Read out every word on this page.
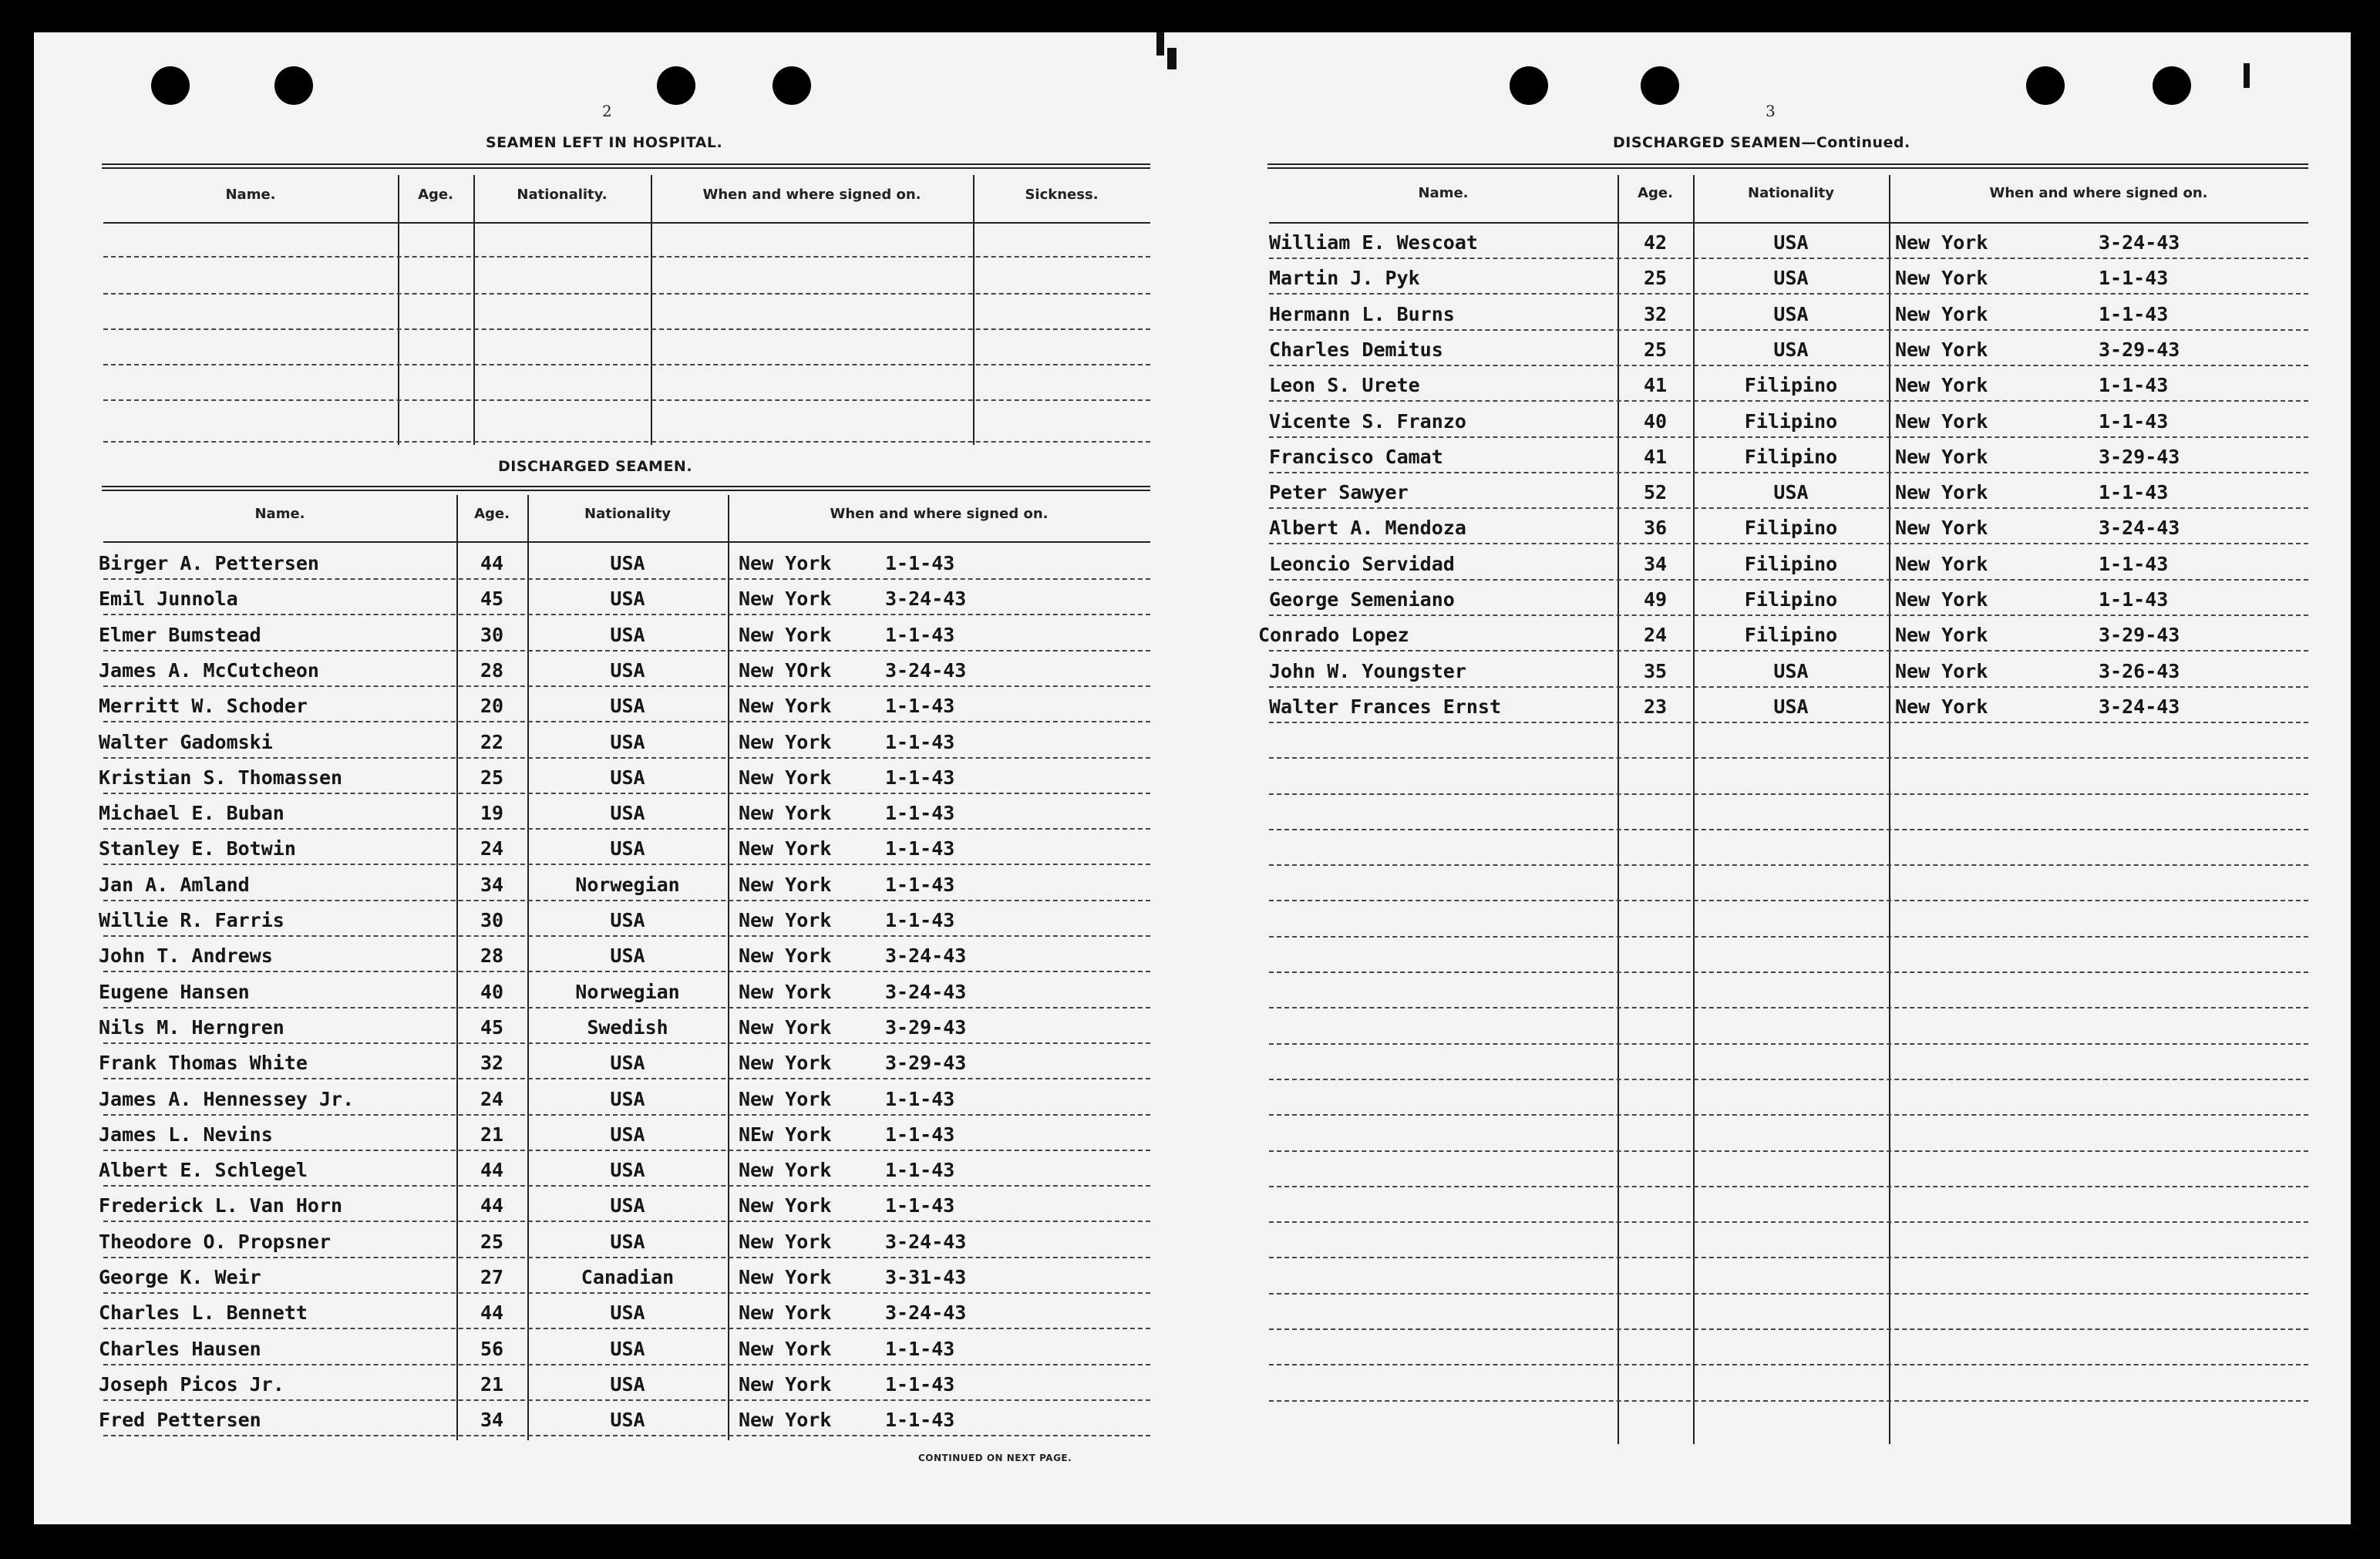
2
SEAMEN LEFT IN HOSPITAL.
Name.	Age.	Nationality.	When and where signed on.	Sickness.
DISCHARGED SEAMEN.
Name.	Age.	Nationality	When and where signed on.
Birger A. Pettersen	44	USA	New York	1-1-43
Emil Junnola	45	USA	New York	3-24-43
Elmer Bumstead	30	USA	New York	1-1-43
James A. McCutcheon	28	USA	New YOrk	3-24-43
Merritt W. Schoder	20	USA	New York	1-1-43
Walter Gadomski	22	USA	New York	1-1-43
Kristian S. Thomassen	25	USA	New York	1-1-43
Michael E. Buban	19	USA	New York	1-1-43
Stanley E. Botwin	24	USA	New York	1-1-43
Jan A. Amland	34	Norwegian	New York	1-1-43
Willie R. Farris	30	USA	New York	1-1-43
John T. Andrews	28	USA	New York	3-24-43
Eugene Hansen	40	Norwegian	New York	3-24-43
Nils M. Herngren	45	Swedish	New York	3-29-43
Frank Thomas White	32	USA	New York	3-29-43
James A. Hennessey Jr.	24	USA	New York	1-1-43
James L. Nevins	21	USA	NEw York	1-1-43
Albert E. Schlegel	44	USA	New York	1-1-43
Frederick L. Van Horn	44	USA	New York	1-1-43
Theodore O. Propsner	25	USA	New York	3-24-43
George K. Weir	27	Canadian	New York	3-31-43
Charles L. Bennett	44	USA	New York	3-24-43
Charles Hausen	56	USA	New York	1-1-43
Joseph Picos Jr.	21	USA	New York	1-1-43
Fred Pettersen	34	USA	New York	1-1-43
CONTINUED ON NEXT PAGE.
3
DISCHARGED SEAMEN—Continued.
Name.	Age.	Nationality	When and where signed on.
William E. Wescoat	42	USA	New York	3-24-43
Martin J. Pyk	25	USA	New York	1-1-43
Hermann L. Burns	32	USA	New York	1-1-43
Charles Demitus	25	USA	New York	3-29-43
Leon S. Urete	41	Filipino	New York	1-1-43
Vicente S. Franzo	40	Filipino	New York	1-1-43
Francisco Camat	41	Filipino	New York	3-29-43
Peter Sawyer	52	USA	New York	1-1-43
Albert A. Mendoza	36	Filipino	New York	3-24-43
Leoncio Servidad	34	Filipino	New York	1-1-43
George Semeniano	49	Filipino	New York	1-1-43
Conrado Lopez	24	Filipino	New York	3-29-43
John W. Youngster	35	USA	New York	3-26-43
Walter Frances Ernst	23	USA	New York	3-24-43
